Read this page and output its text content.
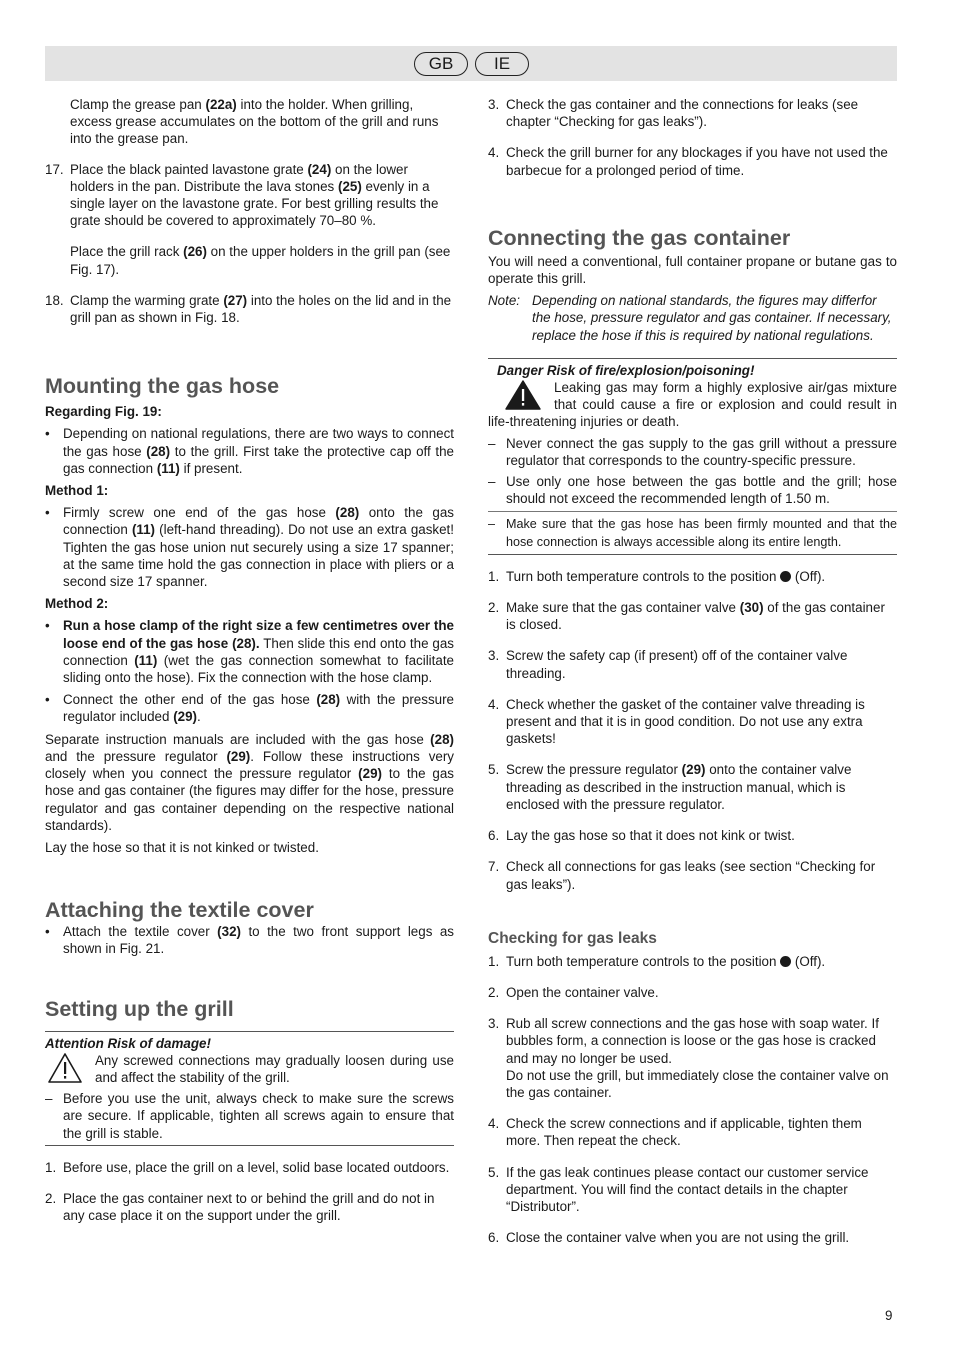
GB	IE

Clamp the grease pan (22a) into the holder. When grilling, excess grease accumulates on the bottom of the grill and runs into the grease pan.

17. Place the black painted lavastone grate (24) on the lower holders in the pan. Distribute the lava stones (25) evenly in a single layer on the lavastone grate. For best grilling results the grate should be covered to approximately 70–80 %.

Place the grill rack (26) on the upper holders in the grill pan (see Fig. 17).

18. Clamp the warming grate (27) into the holes on the lid and in the grill pan as shown in Fig. 18.

Mounting the gas hose

Regarding Fig. 19:

• Depending on national regulations, there are two ways to connect the gas hose (28) to the grill. First take the protective cap off the gas connection (11) if present.

Method 1:

• Firmly screw one end of the gas hose (28) onto the gas connection (11) (left-hand threading). Do not use an extra gasket! Tighten the gas hose union nut securely using a size 17 spanner; at the same time hold the gas connection in place with pliers or a second size 17 spanner.

Method 2:

• Run a hose clamp of the right size a few centimetres over the loose end of the gas hose (28). Then slide this end onto the gas connection (11) (wet the gas connection somewhat to facilitate sliding onto the hose). Fix the connection with the hose clamp.

• Connect the other end of the gas hose (28) with the pressure regulator included (29).

Separate instruction manuals are included with the gas hose (28) and the pressure regulator (29). Follow these instructions very closely when you connect the pressure regulator (29) to the gas hose and gas container (the figures may differ for the hose, pressure regulator and gas container depending on the respective national standards).

Lay the hose so that it is not kinked or twisted.

Attaching the textile cover
• Attach the textile cover (32) to the two front support legs as shown in Fig. 21.

Setting up the grill

Attention Risk of damage!

Any screwed connections may gradually loosen during use and affect the stability of the grill.

– Before you use the unit, always check to make sure the screws are secure. If applicable, tighten all screws again to ensure that the grill is stable.

1. Before use, place the grill on a level, solid base located outdoors.

2. Place the gas container next to or behind the grill and do not in any case place it on the support under the grill.

3. Check the gas container and the connections for leaks (see chapter “Checking for gas leaks”).

4. Check the grill burner for any blockages if you have not used the barbecue for a prolonged period of time.

Connecting the gas container

You will need a conventional, full container propane or butane gas to operate this grill.

Note: Depending on national standards, the figures may differfor the hose, pressure regulator and gas container. If necessary, replace the hose if this is required by national regulations.

Danger Risk of fire/explosion/poisoning!

Leaking gas may form a highly explosive air/gas mixture that could cause a fire or explosion and could result in life-threatening injuries or death.

– Never connect the gas supply to the gas grill without a pressure regulator that corresponds to the country-specific pressure.

– Use only one hose between the gas bottle and the grill; hose should not exceed the recommended length of 1.50 m.

– Make sure that the gas hose has been firmly mounted and that the hose connection is always accessible along its entire length.

1. Turn both temperature controls to the position  (Off).

2. Make sure that the gas container valve (30) of the gas container is closed.

3. Screw the safety cap (if present) off of the container valve threading.

4. Check whether the gasket of the container valve threading is present and that it is in good condition. Do not use any extra gaskets!

5. Screw the pressure regulator (29) onto the container valve threading as described in the instruction manual, which is enclosed with the pressure regulator.

6. Lay the gas hose so that it does not kink or twist.

7. Check all connections for gas leaks (see section “Checking for gas leaks”).

Checking for gas leaks
1. Turn both temperature controls to the position  (Off).

2. Open the container valve.

3. Rub all screw connections and the gas hose with soap water. If bubbles form, a connection is loose or the gas hose is cracked and may no longer be used.

Do not use the grill, but immediately close the container valve on the gas container.

4. Check the screw connections and if applicable, tighten them more. Then repeat the check.

5. If the gas leak continues please contact our customer service department. You will find the contact details in the chapter “Distributor”.

6. Close the container valve when you are not using the grill.

9
